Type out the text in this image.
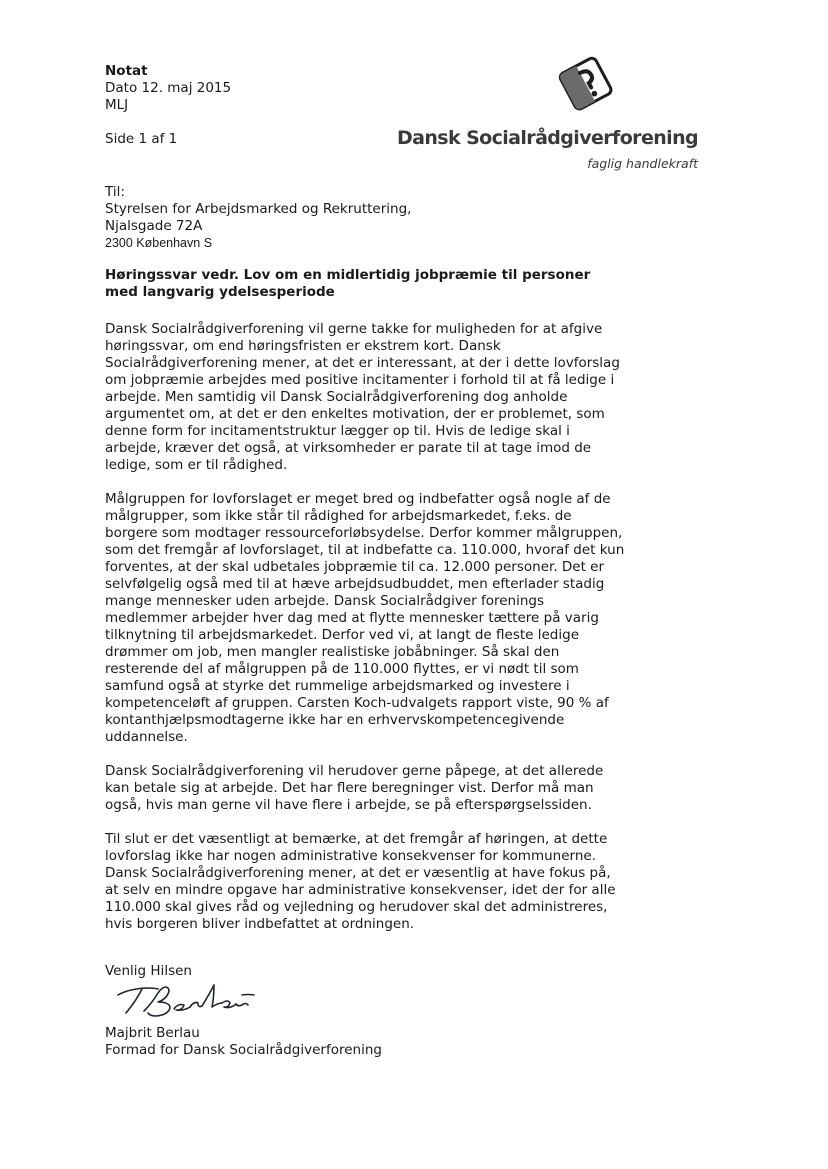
Notat
Dato 12. maj 2015
MLJ
Side 1 af 1	Dansk Socialrådgiverforening
faglig handlekraft
Til:
Styrelsen for Arbejdsmarked og Rekruttering,
Njalsgade 72A
2300 København S
Høringssvar vedr. Lov om en midlertidig jobpræmie til personer med langvarig ydelsesperiode

Dansk Socialrådgiverforening vil gerne takke for muligheden for at afgive høringssvar, om end høringsfristen er ekstrem kort. Dansk Socialrådgiverforening mener, at det er interessant, at der i dette lovforslag om jobpræmie arbejdes med positive incitamenter i forhold til at få ledige i arbejde. Men samtidig vil Dansk Socialrådgiverforening dog anholde argumentet om, at det er den enkeltes motivation, der er problemet, som denne form for incitamentstruktur lægger op til. Hvis de ledige skal i arbejde, kræver det også, at virksomheder er parate til at tage imod de ledige, som er til rådighed.

Målgruppen for lovforslaget er meget bred og indbefatter også nogle af de målgrupper, som ikke står til rådighed for arbejdsmarkedet, f.eks. de borgere som modtager ressourceforløbsydelse. Derfor kommer målgruppen, som det fremgår af lovforslaget, til at indbefatte ca. 110.000, hvoraf det kun forventes, at der skal udbetales jobpræmie til ca. 12.000 personer. Det er selvfølgelig også med til at hæve arbejdsudbuddet, men efterlader stadig mange mennesker uden arbejde. Dansk Socialrådgiver forenings medlemmer arbejder hver dag med at flytte mennesker tættere på varig tilknytning til arbejdsmarkedet. Derfor ved vi, at langt de fleste ledige drømmer om job, men mangler realistiske jobåbninger. Så skal den resterende del af målgruppen på de 110.000 flyttes, er vi nødt til som samfund også at styrke det rummelige arbejdsmarked og investere i kompetenceløft af gruppen. Carsten Koch-udvalgets rapport viste, 90 % af kontanthjælpsmodtagerne ikke har en erhvervskompetencegivende uddannelse.

Dansk Socialrådgiverforening vil herudover gerne påpege, at det allerede kan betale sig at arbejde. Det har flere beregninger vist. Derfor må man også, hvis man gerne vil have flere i arbejde, se på efterspørgselssiden.

Til slut er det væsentligt at bemærke, at det fremgår af høringen, at dette lovforslag ikke har nogen administrative konsekvenser for kommunerne. Dansk Socialrådgiverforening mener, at det er væsentlig at have fokus på, at selv en mindre opgave har administrative konsekvenser, idet der for alle 110.000 skal gives råd og vejledning og herudover skal det administreres, hvis borgeren bliver indbefattet at ordningen.

Venlig Hilsen
Majbrit Berlau
Formad for Dansk Socialrådgiverforening
